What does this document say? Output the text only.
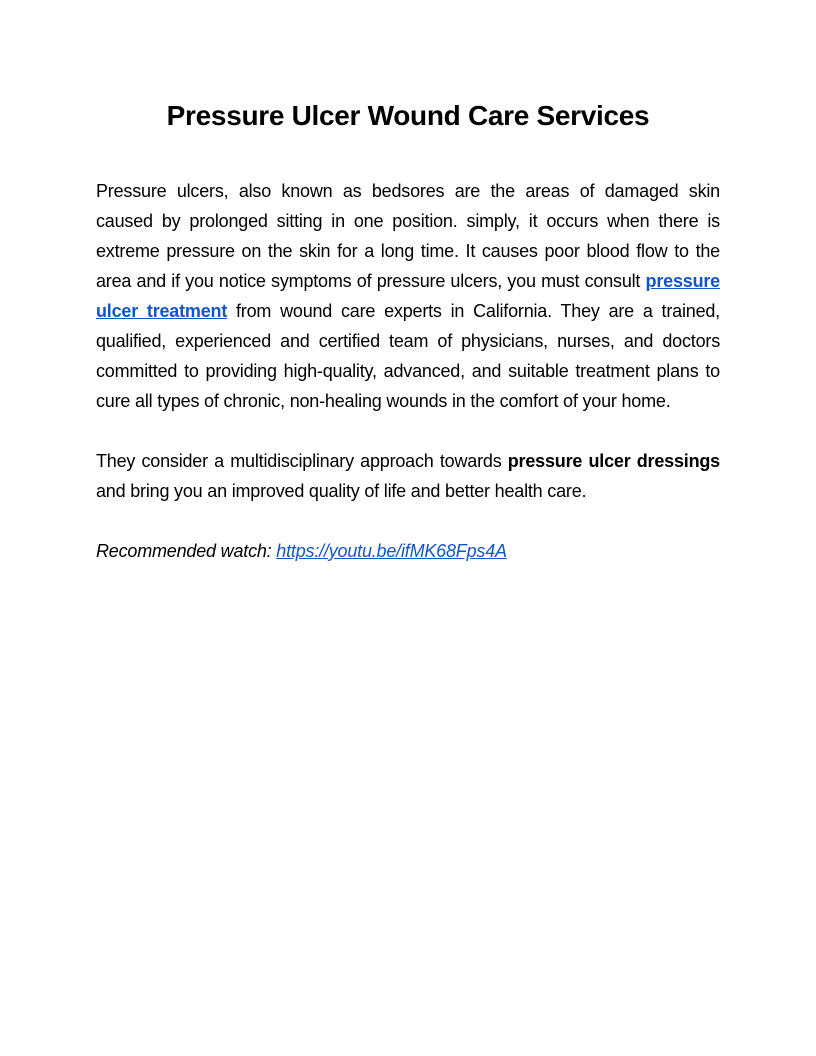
Pressure Ulcer Wound Care Services

Pressure ulcers, also known as bedsores are the areas of damaged skin caused by prolonged sitting in one position. simply, it occurs when there is extreme pressure on the skin for a long time. It causes poor blood flow to the area and if you notice symptoms of pressure ulcers, you must consult pressure ulcer treatment from wound care experts in California. They are a trained, qualified, experienced and certified team of physicians, nurses, and doctors committed to providing high-quality, advanced, and suitable treatment plans to cure all types of chronic, non-healing wounds in the comfort of your home.

They consider a multidisciplinary approach towards pressure ulcer dressings and bring you an improved quality of life and better health care.

Recommended watch: https://youtu.be/ifMK68Fps4A
